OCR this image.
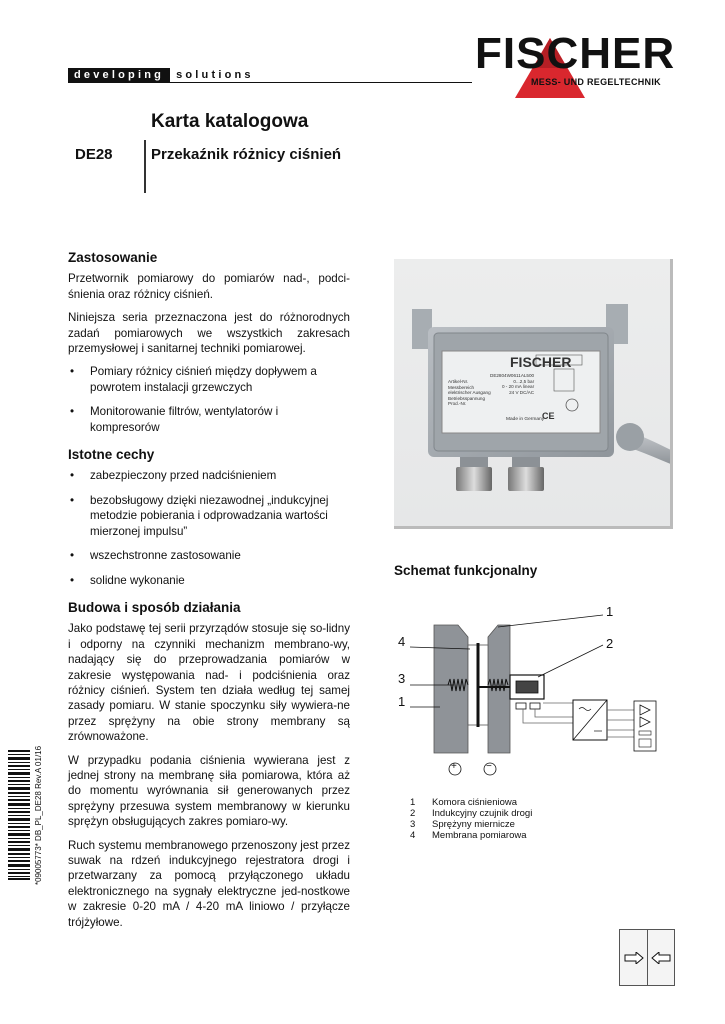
developing	solutions	FISCHER
MESS- UND REGELTECHNIK
Karta katalogowa
DE28	Przekaźnik różnicy ciśnień
Zastosowanie
Przetwornik pomiarowy do pomiarów nad-, podci-śnienia oraz różnicy ciśnień.
Niniejsza seria przeznaczona jest do różnorodnych zadań pomiarowych we wszystkich zakresach przemysłowej i sanitarnej techniki pomiarowej.
• Pomiary różnicy ciśnień między dopływem a powrotem instalacji grzewczych
• Monitorowanie filtrów, wentylatorów i kompresorów
Istotne cechy
• zabezpieczony przed nadciśnieniem
• bezobsługowy dzięki niezawodnej „indukcyjnej metodzie pobierania i odprowadzania wartości mierzonej impulsu”
• wszechstronne zastosowanie
• solidne wykonanie
Budowa i sposób działania
Jako podstawę tej serii przyrządów stosuje się so-lidny i odporny na czynniki mechanizm membrano-wy, nadający się do przeprowadzania pomiarów w zakresie występowania nad- i podciśnienia oraz różnicy ciśnień. System ten działa według tej samej zasady pomiaru. W stanie spoczynku siły wywiera-ne przez sprężyny na obie strony membrany są zrównoważone.
W przypadku podania ciśnienia wywierana jest z jednej strony na membranę siła pomiarowa, która aż do momentu wyrównania sił generowanych przez sprężyny przesuwa system membranowy w kierunku sprężyn obsługujących zakres pomiaro-wy.
Ruch systemu membranowego przenoszony jest przez suwak na rdzeń indukcyjnego rejestratora drogi i przetwarzany za pomocą przyłączonego układu elektronicznego na sygnały elektryczne jed-nostkowe w zakresie 0-20 mA / 4-20 mA liniowo / przyłącze trójżyłowe.
FISCHER
Artikel-Nr.
Messbereich
elektrischer Ausgang
Betriebsspannung
Prod.-Nr.
DE2804W0611AL500
0...2,5 bar
0 - 20 mA linear
24 V DC/AC
Made in Germany
CE
Schemat funkcjonalny
1
2
3
4
1
+	−
1	Komora ciśnieniowa
2	Indukcyjny czujnik drogi
3	Sprężyny miernicze
4	Membrana pomiarowa
*09005773* DB_PL_DE28 Rev.A 01/16
